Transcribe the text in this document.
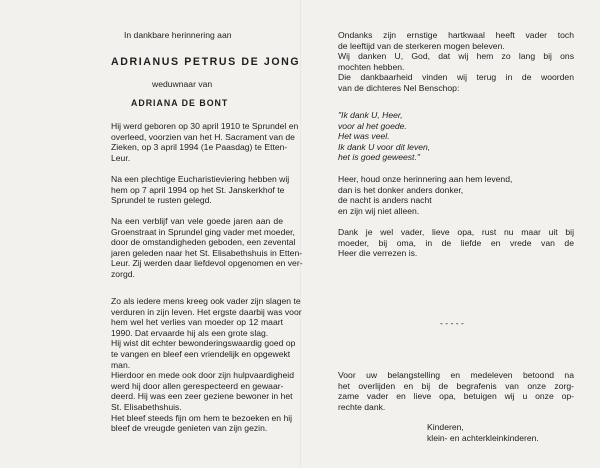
In dankbare herinnering aan
ADRIANUS PETRUS DE JONG
weduwnaar van
ADRIANA DE BONT
Hij werd geboren op 30 april 1910 te Sprundel en
overleed, voorzien van het H. Sacrament van de
Zieken, op 3 april 1994 (1e Paasdag) te Etten-
Leur.
Na een plechtige Eucharistieviering hebben wij
hem op 7 april 1994 op het St. Janskerkhof te
Sprundel te rusten gelegd.
Na een verblijf van vele goede jaren aan de
Groenstraat in Sprundel ging vader met moeder,
door de omstandigheden geboden, een zevental
jaren geleden naar het St. Elisabethshuis in Etten-
Leur. Zij werden daar liefdevol opgenomen en ver-
zorgd.
Zo als iedere mens kreeg ook vader zijn slagen te
verduren in zijn leven. Het ergste daarbij was voor
hem wel het verlies van moeder op 12 maart
1990. Dat ervaarde hij als een grote slag.
Hij wist dit echter bewonderingswaardig goed op
te vangen en bleef een vriendelijk en opgewekt
man.
Hierdoor en mede ook door zijn hulpvaardigheid
werd hij door allen gerespecteerd en gewaar-
deerd. Hij was een zeer geziene bewoner in het
St. Elisabethshuis.
Het bleef steeds fijn om hem te bezoeken en hij
bleef de vreugde genieten van zijn gezin.
Ondanks zijn ernstige hartkwaal heeft vader toch
de leeftijd van de sterkeren mogen beleven.
Wij danken U, God, dat wij hem zo lang bij ons
mochten hebben.
Die dankbaarheid vinden wij terug in de woorden
van de dichteres Nel Benschop:
"Ik dank U, Heer,
voor al het goede.
Het was veel.
Ik dank U voor dit leven,
het is goed geweest."
Heer, houd onze herinnering aan hem levend,
dan is het donker anders donker,
de nacht is anders nacht
en zijn wij niet alleen.
Dank je wel vader, lieve opa, rust nu maar uit bij
moeder, bij oma, in de liefde en vrede van de
Heer die verrezen is.
- - - - -
Voor uw belangstelling en medeleven betoond na
het overlijden en bij de begrafenis van onze zorg-
zame vader en lieve opa, betuigen wij u onze op-
rechte dank.
Kinderen,
klein- en achterkleinkinderen.
